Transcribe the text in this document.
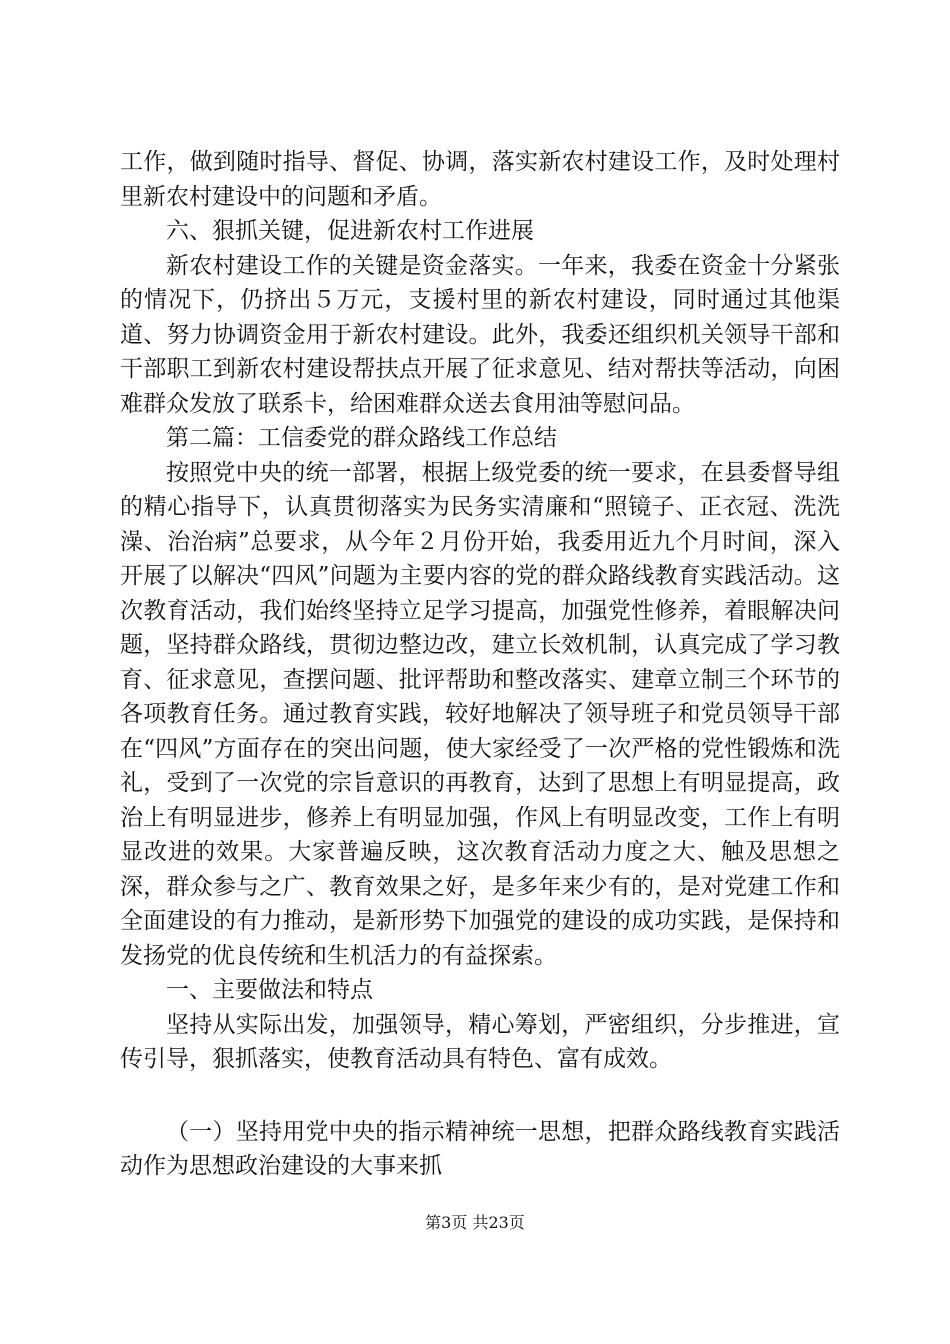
工作，做到随时指导、督促、协调，落实新农村建设工作，及时处理村里新农村建设中的问题和矛盾。

六、狠抓关键，促进新农村工作进展

新农村建设工作的关键是资金落实。一年来，我委在资金十分紧张的情况下，仍挤出５万元，支援村里的新农村建设，同时通过其他渠道、努力协调资金用于新农村建设。此外，我委还组织机关领导干部和干部职工到新农村建设帮扶点开展了征求意见、结对帮扶等活动，向困难群众发放了联系卡，给困难群众送去食用油等慰问品。

第二篇：工信委党的群众路线工作总结

按照党中央的统一部署，根据上级党委的统一要求，在县委督导组的精心指导下，认真贯彻落实为民务实清廉和“照镜子、正衣冠、洗洗澡、治治病”总要求，从今年２月份开始，我委用近九个月时间，深入开展了以解决“四风”问题为主要内容的党的群众路线教育实践活动。这次教育活动，我们始终坚持立足学习提高，加强党性修养，着眼解决问题，坚持群众路线，贯彻边整边改，建立长效机制，认真完成了学习教育、征求意见，查摆问题、批评帮助和整改落实、建章立制三个环节的各项教育任务。通过教育实践，较好地解决了领导班子和党员领导干部在“四风”方面存在的突出问题，使大家经受了一次严格的党性锻炼和洗礼，受到了一次党的宗旨意识的再教育，达到了思想上有明显提高，政治上有明显进步，修养上有明显加强，作风上有明显改变，工作上有明显改进的效果。大家普遍反映，这次教育活动力度之大、触及思想之深，群众参与之广、教育效果之好，是多年来少有的，是对党建工作和全面建设的有力推动，是新形势下加强党的建设的成功实践，是保持和发扬党的优良传统和生机活力的有益探索。

一、主要做法和特点

坚持从实际出发，加强领导，精心筹划，严密组织，分步推进，宣传引导，狠抓落实，使教育活动具有特色、富有成效。

（一）坚持用党中央的指示精神统一思想，把群众路线教育实践活动作为思想政治建设的大事来抓

第3页 共23页
